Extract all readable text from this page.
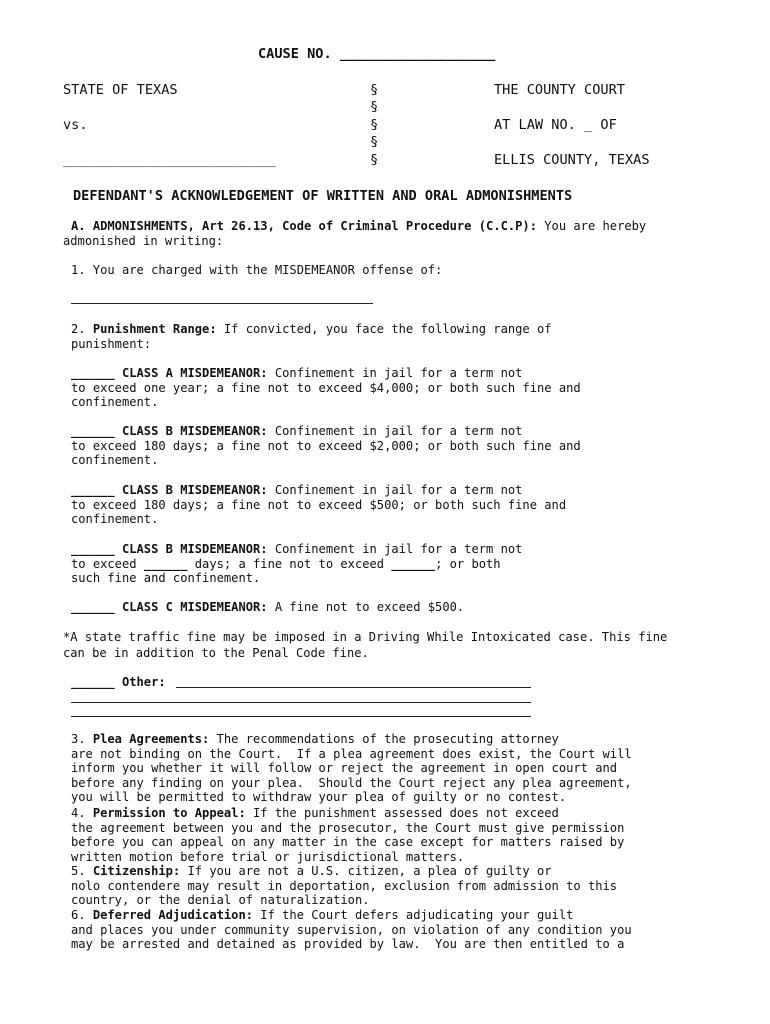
CAUSE NO. ___________________
STATE OF TEXAS
vs.
__________________________
§
§
§
§
§
THE COUNTY COURT
AT LAW NO. _ OF
ELLIS COUNTY, TEXAS
DEFENDANT'S ACKNOWLEDGEMENT OF WRITTEN AND ORAL ADMONISHMENTS
A. ADMONISHMENTS, Art 26.13, Code of Criminal Procedure (C.C.P): You are hereby
admonished in writing:
1. You are charged with the MISDEMEANOR offense of:
2. Punishment Range: If convicted, you face the following range of
punishment:
______ CLASS A MISDEMEANOR: Confinement in jail for a term not
to exceed one year; a fine not to exceed $4,000; or both such fine and
confinement.
______ CLASS B MISDEMEANOR: Confinement in jail for a term not
to exceed 180 days; a fine not to exceed $2,000; or both such fine and
confinement.
______ CLASS B MISDEMEANOR: Confinement in jail for a term not
to exceed 180 days; a fine not to exceed $500; or both such fine and
confinement.
______ CLASS B MISDEMEANOR: Confinement in jail for a term not
to exceed ______ days; a fine not to exceed ______; or both
such fine and confinement.
______ CLASS C MISDEMEANOR: A fine not to exceed $500.
*A state traffic fine may be imposed in a Driving While Intoxicated case. This fine
can be in addition to the Penal Code fine.
______ Other:
3. Plea Agreements: The recommendations of the prosecuting attorney
are not binding on the Court.  If a plea agreement does exist, the Court will
inform you whether it will follow or reject the agreement in open court and
before any finding on your plea.  Should the Court reject any plea agreement,
you will be permitted to withdraw your plea of guilty or no contest.
4. Permission to Appeal: If the punishment assessed does not exceed
the agreement between you and the prosecutor, the Court must give permission
before you can appeal on any matter in the case except for matters raised by
written motion before trial or jurisdictional matters.
5. Citizenship: If you are not a U.S. citizen, a plea of guilty or
nolo contendere may result in deportation, exclusion from admission to this
country, or the denial of naturalization.
6. Deferred Adjudication: If the Court defers adjudicating your guilt
and places you under community supervision, on violation of any condition you
may be arrested and detained as provided by law.  You are then entitled to a
